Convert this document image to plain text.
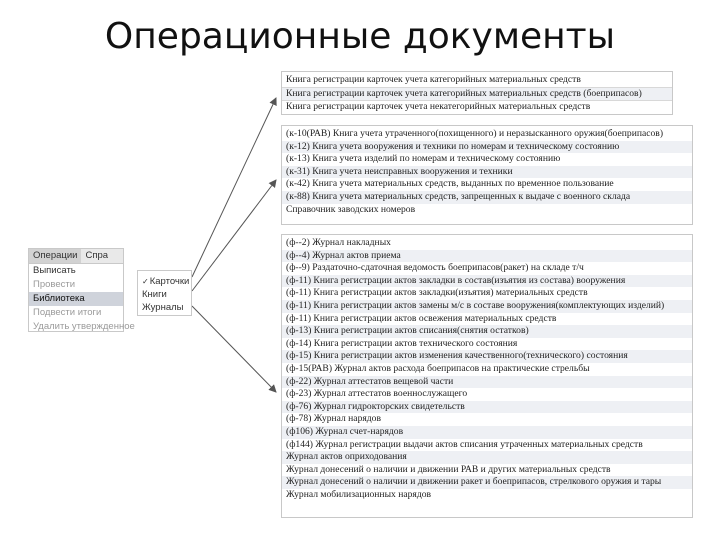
Операционные документы
Операции Спра
Выписать
Провести
Библиотека
Подвести итоги
Удалить утвержденное
✓ Карточки
Книги
Журналы
Книга регистрации карточек учета категорийных материальных средств
Книга регистрации карточек учета категорийных материальных средств (боеприпасов)
Книга регистрации карточек учета некатегорийных материальных средств
(к-10(РАВ) Книга учета утраченного(похищенного) и неразысканного оружия(боеприпасов)
(к-12) Книга учета вооружения и техники по номерам и техническому состоянию
(к-13) Книга учета изделий по номерам и техническому состоянию
(к-31) Книга учета неисправных вооружения и техники
(к-42) Книга учета материальных средств, выданных по временное пользование
(к-88) Книга учета материальных средств, запрещенных к выдаче с военного склада
Справочник заводских номеров
(ф--2) Журнал накладных
(ф--4) Журнал актов приема
(ф--9) Раздаточно-сдаточная ведомость боеприпасов(ракет) на складе т/ч
(ф-11) Книга регистрации актов закладки в состав(изъятия из состава) вооружения
(ф-11) Книга регистрации актов закладки(изъятия) материальных средств
(ф-11) Книга регистрации актов замены м/с в составе вооружения(комплектующих изделий)
(ф-11) Книга регистрации актов освежения материальных средств
(ф-13) Книга регистрации актов списания(снятия остатков)
(ф-14) Книга регистрации актов технического состояния
(ф-15) Книга регистрации актов изменения качественного(технического) состояния
(ф-15(РАВ) Журнал актов расхода боеприпасов на практические стрельбы
(ф-22) Журнал аттестатов вещевой части
(ф-23) Журнал аттестатов военнослужащего
(ф-76) Журнал гидрокторских свидетельств
(ф-78) Журнал нарядов
(ф106) Журнал счет-нарядов
(ф144) Журнал регистрации выдачи актов списания утраченных материальных средств
Журнал актов оприходования
Журнал донесений о наличии и движении РАВ и других материальных средств
Журнал донесений о наличии и движении ракет и боеприпасов, стрелкового оружия и тары
Журнал мобилизационных нарядов
